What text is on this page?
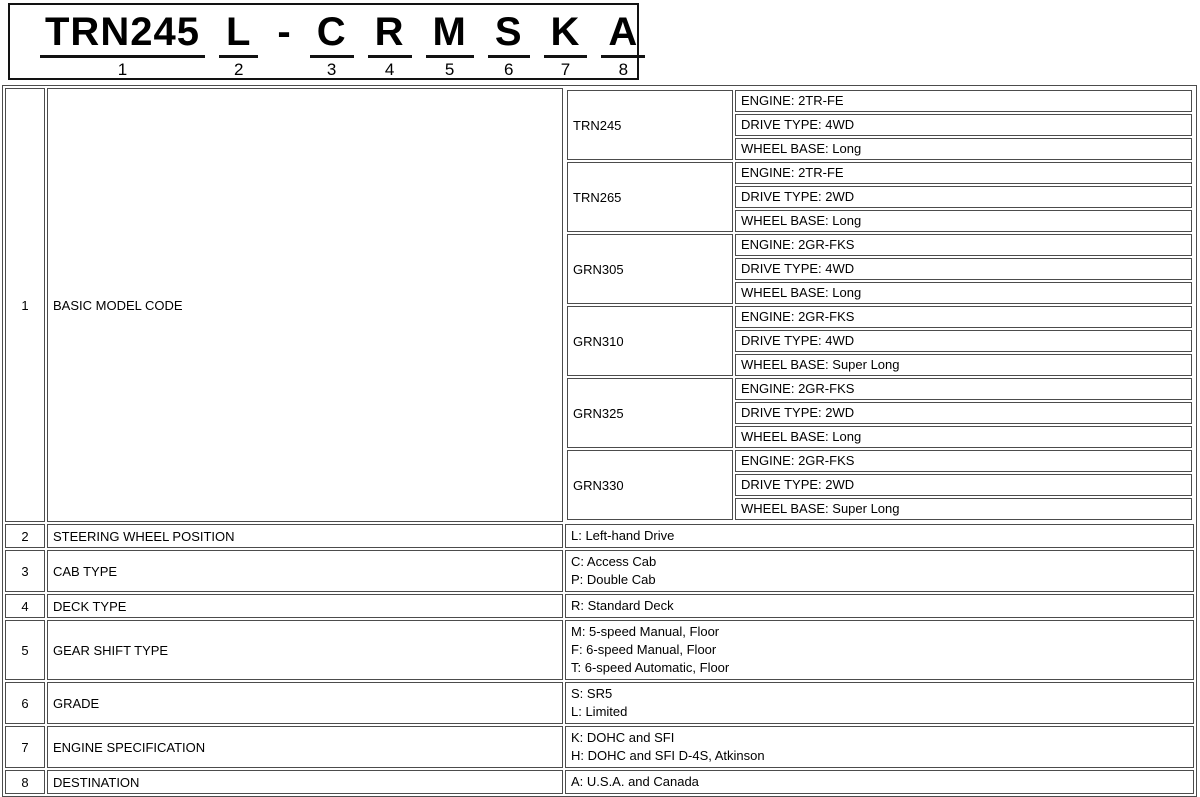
TRN245
1
L
2
- C
3
R
4
M
5
S
6
K
7
A
8
1	BASIC MODEL CODE	
TRN245	ENGINE: 2TR-FE
DRIVE TYPE: 4WD
WHEEL BASE: Long
TRN265	ENGINE: 2TR-FE
DRIVE TYPE: 2WD
WHEEL BASE: Long
GRN305	ENGINE: 2GR-FKS
DRIVE TYPE: 4WD
WHEEL BASE: Long
GRN310	ENGINE: 2GR-FKS
DRIVE TYPE: 4WD
WHEEL BASE: Super Long
GRN325	ENGINE: 2GR-FKS
DRIVE TYPE: 2WD
WHEEL BASE: Long
GRN330	ENGINE: 2GR-FKS
DRIVE TYPE: 2WD
WHEEL BASE: Super Long

2	STEERING WHEEL POSITION	L: Left-hand Drive

3	CAB TYPE	
C: Access Cab
P: Double Cab

4	DECK TYPE	R: Standard Deck

5	GEAR SHIFT TYPE	
M: 5-speed Manual, Floor
F: 6-speed Manual, Floor
T: 6-speed Automatic, Floor

6	GRADE	
S: SR5
L: Limited

7	ENGINE SPECIFICATION	
K: DOHC and SFI
H: DOHC and SFI D-4S, Atkinson

8	DESTINATION	A: U.S.A. and Canada
